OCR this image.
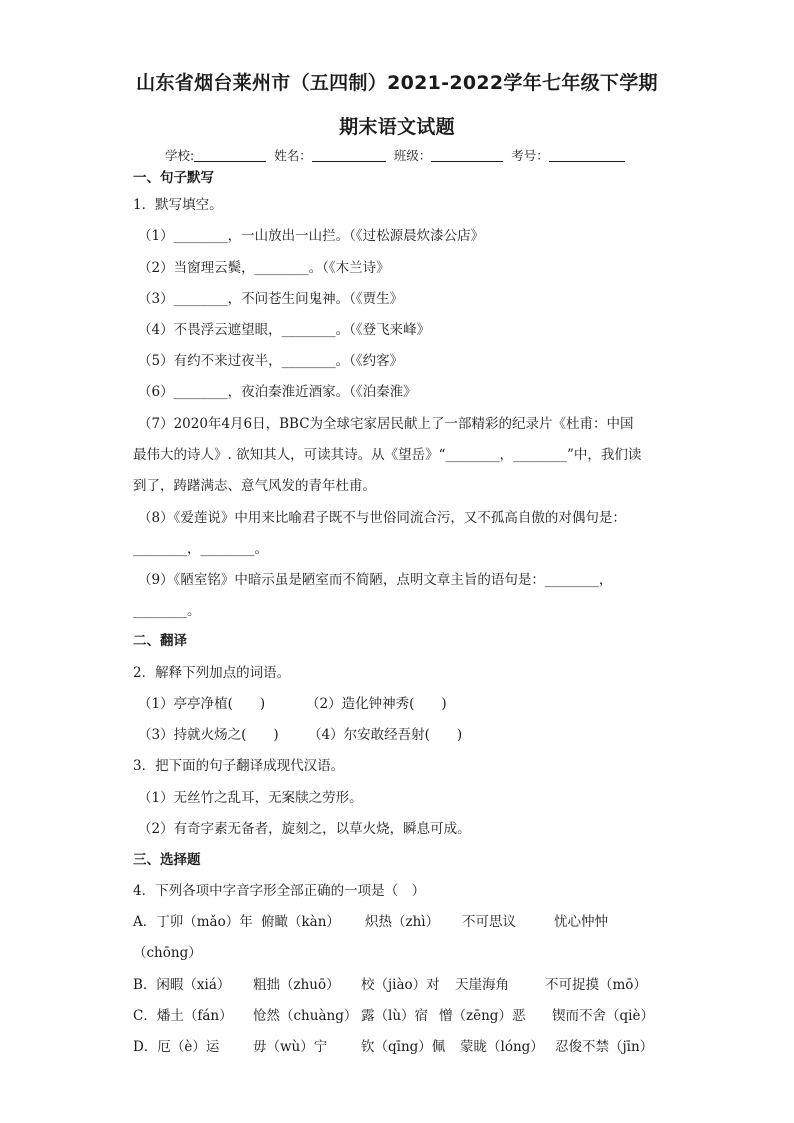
山东省烟台莱州市（五四制）2021-2022学年七年级下学期
期末语文试题
学校:	姓名：	班级：	考号：
一、句子默写
1．默写填空。
（1）________，一山放出一山拦。（《过松源晨炊漆公店》
（2）当窗理云鬓，________。（《木兰诗》
（3）________，不问苍生问鬼神。（《贾生》
（4）不畏浮云遮望眼，________。（《登飞来峰》
（5）有约不来过夜半，________。（《约客》
（6）________，夜泊秦淮近酒家。（《泊秦淮》
（7）2020年4月6日，BBC为全球宅家居民献上了一部精彩的纪录片《杜甫：中国
最伟大的诗人》. 欲知其人，可读其诗。从《望岳》“________，________”中，我们读
到了，踌躇满志、意气风发的青年杜甫。
（8）《爱莲说》中用来比喻君子既不与世俗同流合污，又不孤高自傲的对偶句是：
________，________。
（9）《陋室铭》中暗示虽是陋室而不简陋，点明文章主旨的语句是：________，
________。
二、翻译
2．解释下列加点的词语。
（1）亭亭净植(　　)	（2）造化钟神秀(　　)
（3）持就火炀之(　　) （4）尔安敢经吾射(　　)
3．把下面的句子翻译成现代汉语。
（1）无丝竹之乱耳，无案牍之劳形。
（2）有奇字素无备者，旋刻之，以草火烧，瞬息可成。
三、选择题
4．下列各项中字音字形全部正确的一项是（　）
A．丁卯（mǎo）年 俯瞰（kàn） 炽热（zhì） 不可思议	忧心忡忡
（chōng）
B．闲暇（xiá） 粗拙（zhuō） 校（jiào）对 天崖海角	不可捉摸（mō）
C．燔土（fán） 怆然（chuàng） 露（lù）宿 憎（zēng）恶 锲而不舍（qiè）
D．厄（è）运 毋（wù）宁	钦（qīng）佩 蒙眬（lóng） 忍俊不禁（jīn）
